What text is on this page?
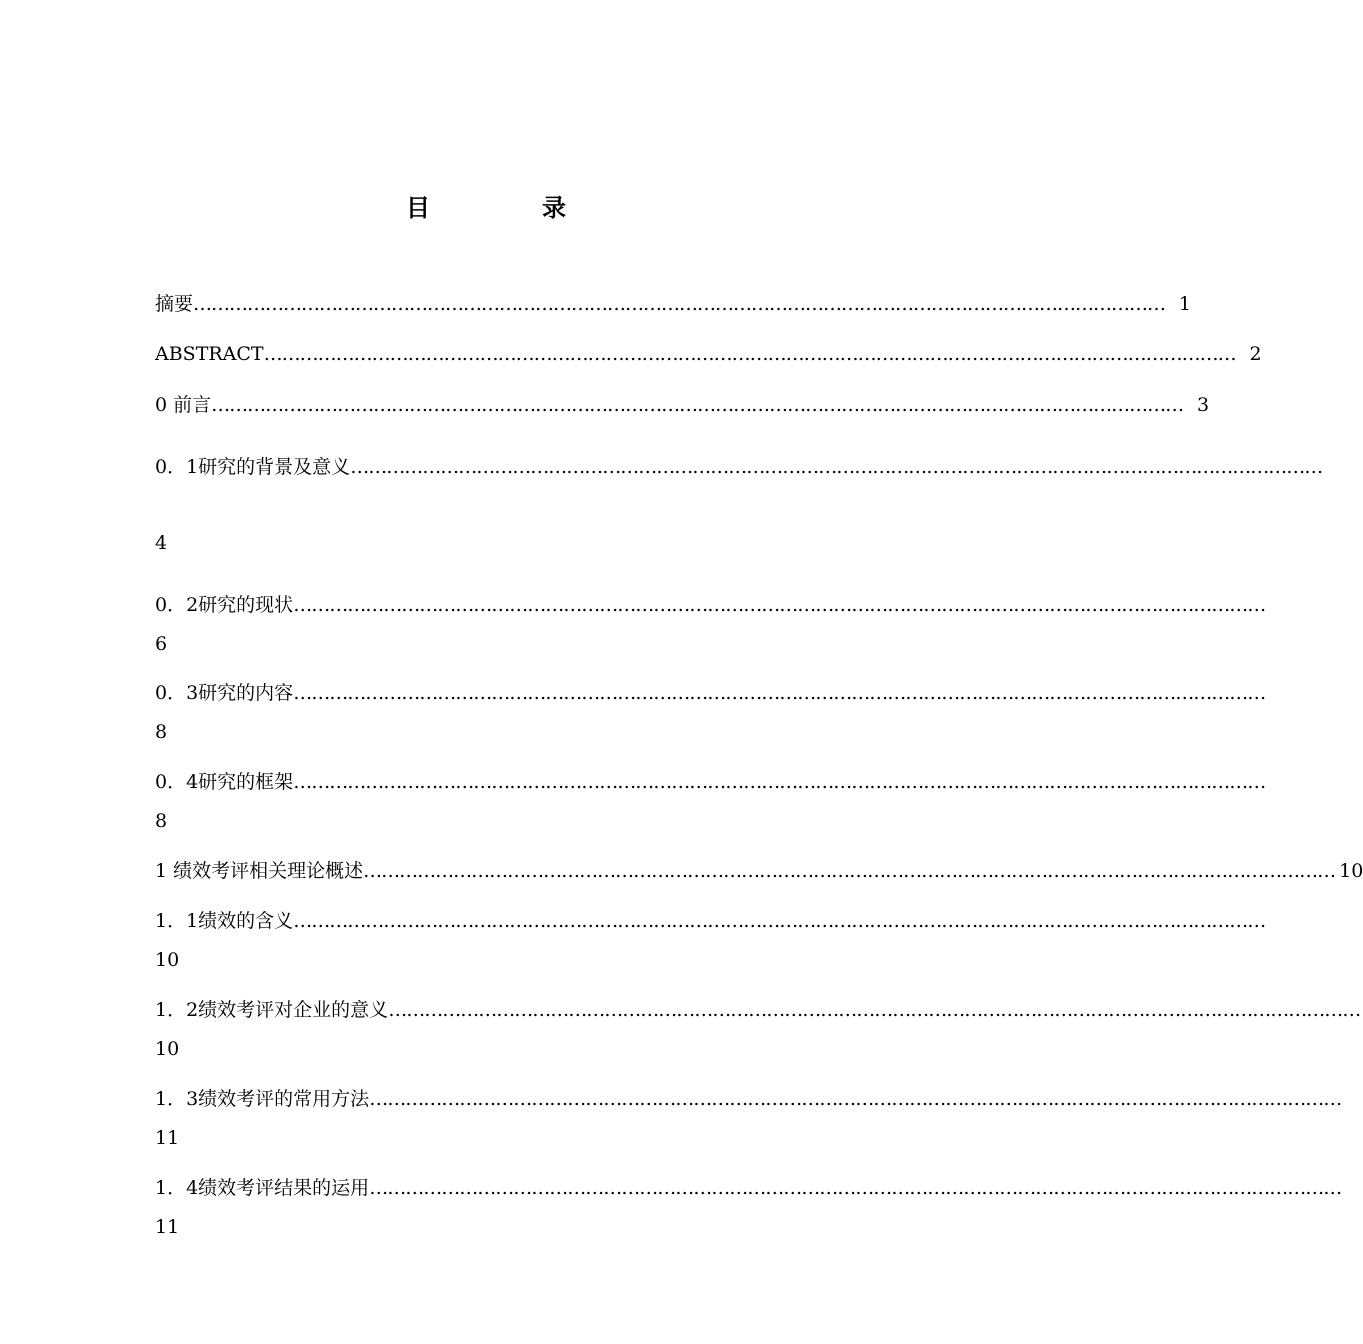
目　录
摘要 ……………………………………………………………………………………………………………………………………………… 1
ABSTRACT ……………………………………………………………………………………………………………………………………………… 2
0 前言 ……………………………………………………………………………………………………………………………………………… 3
0．1研究的背景及意义 ………………………………………………………………………………………………………………………………………………
4
0．2研究的现状 ………………………………………………………………………………………………………………………………………………
6
0．3研究的内容 ………………………………………………………………………………………………………………………………………………
8
0．4研究的框架 ………………………………………………………………………………………………………………………………………………
8
1 绩效考评相关理论概述 ……………………………………………………………………………………………………………………………………………… 10
1．1绩效的含义 ………………………………………………………………………………………………………………………………………………
10
1．2绩效考评对企业的意义 ………………………………………………………………………………………………………………………………………………
10
1．3绩效考评的常用方法 ………………………………………………………………………………………………………………………………………………
11
1．4绩效考评结果的运用 ………………………………………………………………………………………………………………………………………………
11
